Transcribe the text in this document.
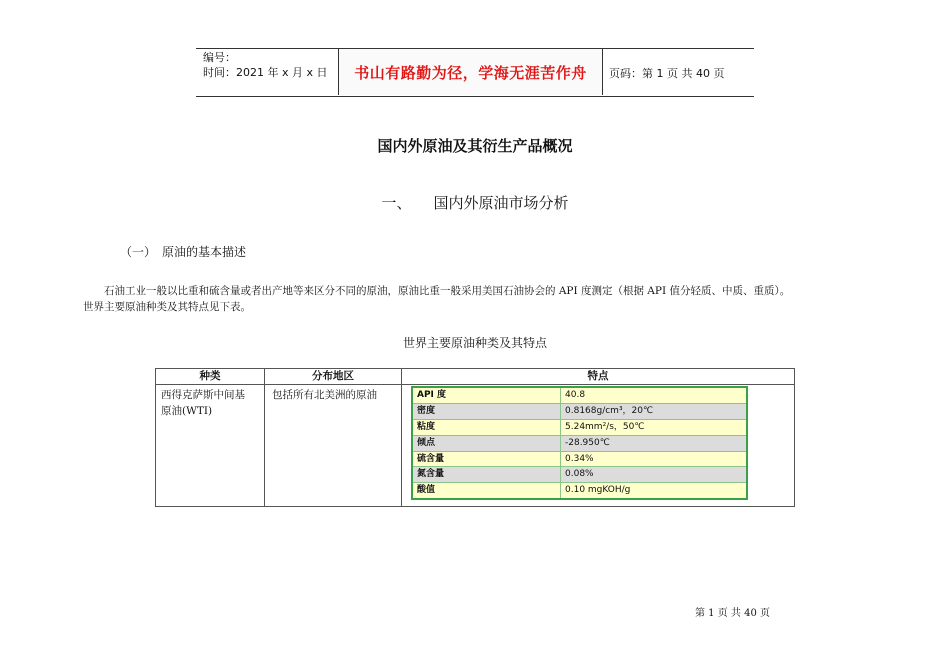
编号：
时间：2021 年 x 月 x 日	书山有路勤为径，学海无涯苦作舟	页码：第 1 页 共 40 页
国内外原油及其衍生产品概况
一、 国内外原油市场分析
（一） 原油的基本描述
石油工业一般以比重和硫含量或者出产地等来区分不同的原油，原油比重一般采用美国石油协会的 API 度测定（根据 API 值分轻质、中质、重质）。
世界主要原油种类及其特点见下表。
世界主要原油种类及其特点
种类	分布地区	特点
西得克萨斯中间基
原油(WTI)
包括所有北美洲的原油	API 度	40.8
密度	0.8168g/cm³，20℃
粘度	5.24mm²/s，50℃
倾点	-28.950℃
硫含量	0.34%
氮含量	0.08%
酸值	0.10 mgKOH/g
第 1 页 共 40 页
